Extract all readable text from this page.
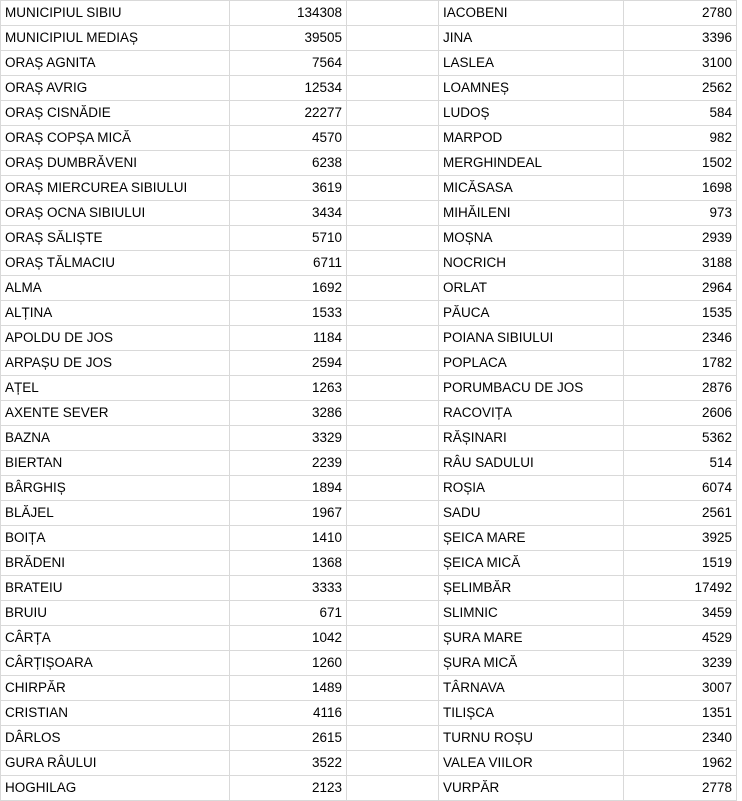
MUNICIPIUL SIBIU	134308		IACOBENI	2780
MUNICIPIUL MEDIAȘ	39505		JINA	3396
ORAȘ AGNITA	7564		LASLEA	3100
ORAȘ AVRIG	12534		LOAMNEȘ	2562
ORAȘ CISNĂDIE	22277		LUDOȘ	584
ORAȘ COPȘA MICĂ	4570		MARPOD	982
ORAȘ DUMBRĂVENI	6238		MERGHINDEAL	1502
ORAȘ MIERCUREA SIBIULUI	3619		MICĂSASA	1698
ORAȘ OCNA SIBIULUI	3434		MIHĂILENI	973
ORAȘ SĂLIȘTE	5710		MOȘNA	2939
ORAȘ TĂLMACIU	6711		NOCRICH	3188
ALMA	1692		ORLAT	2964
ALȚINA	1533		PĂUCA	1535
APOLDU DE JOS	1184		POIANA SIBIULUI	2346
ARPAȘU DE JOS	2594		POPLACA	1782
AȚEL	1263		PORUMBACU DE JOS	2876
AXENTE SEVER	3286		RACOVIȚA	2606
BAZNA	3329		RĂȘINARI	5362
BIERTAN	2239		RÂU SADULUI	514
BÂRGHIȘ	1894		ROȘIA	6074
BLĂJEL	1967		SADU	2561
BOIȚA	1410		ȘEICA MARE	3925
BRĂDENI	1368		ȘEICA MICĂ	1519
BRATEIU	3333		ȘELIMBĂR	17492
BRUIU	671		SLIMNIC	3459
CÂRȚA	1042		ȘURA MARE	4529
CÂRȚIȘOARA	1260		ȘURA MICĂ	3239
CHIRPĂR	1489		TÂRNAVA	3007
CRISTIAN	4116		TILIȘCA	1351
DÂRLOS	2615		TURNU ROȘU	2340
GURA RÂULUI	3522		VALEA VIILOR	1962
HOGHILAG	2123		VURPĂR	2778
